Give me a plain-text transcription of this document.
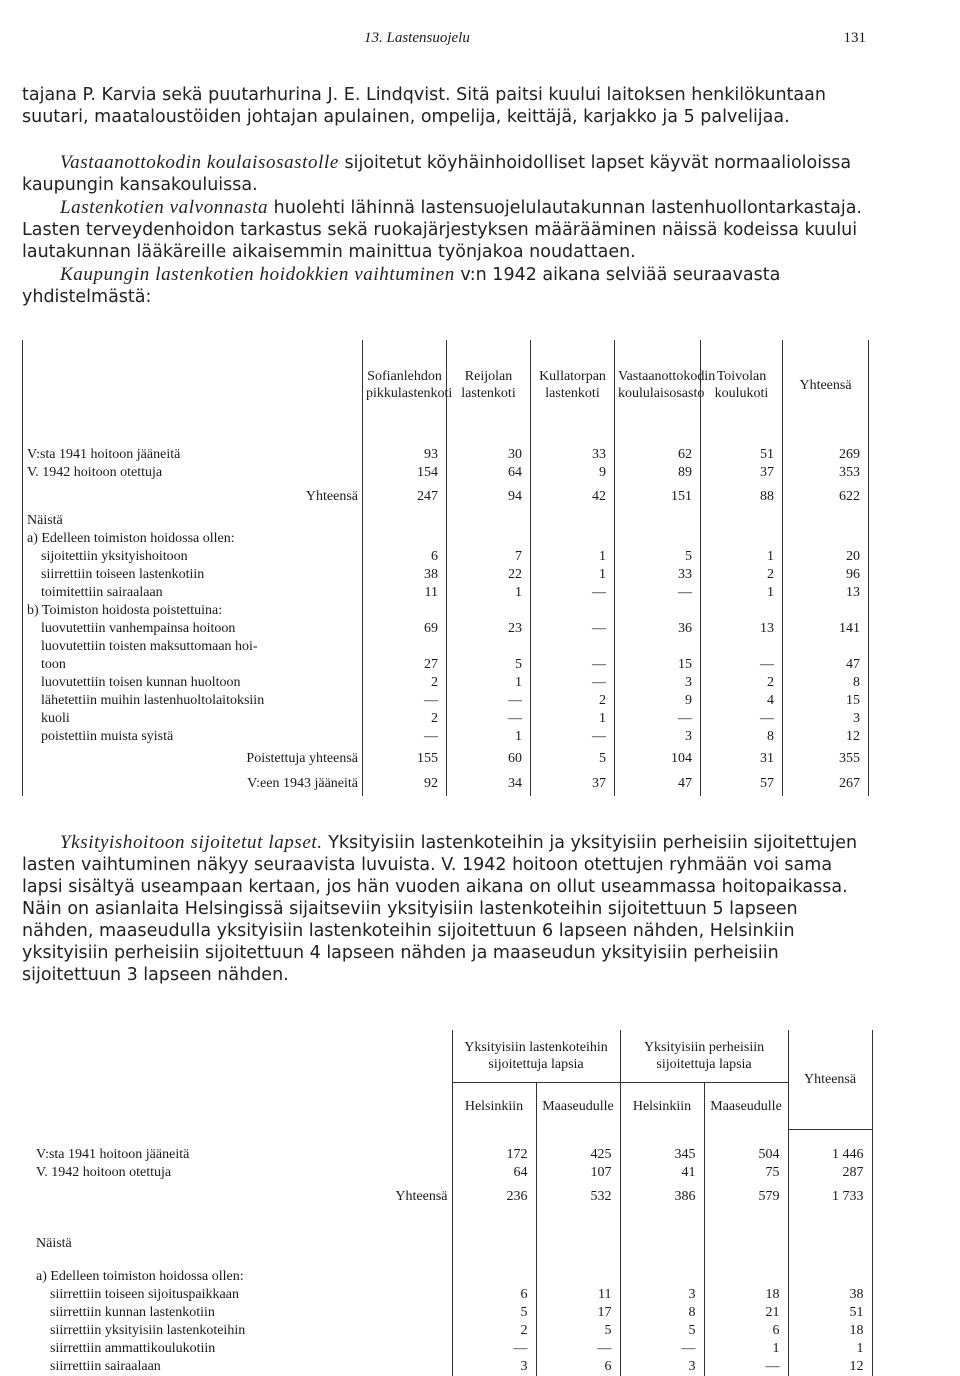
13. Lastensuojelu	131
tajana P. Karvia sekä puutarhurina J. E. Lindqvist. Sitä paitsi kuului laitoksen henkilökuntaan suutari, maataloustöiden johtajan apulainen, ompelija, keittäjä, karjakko ja 5 palvelijaa.
Vastaanottokodin koulaisosastolle sijoitetut köyhäinhoidolliset lapset käyvät normaalioloissa kaupungin kansakouluissa.
Lastenkotien valvonnasta huolehti lähinnä lastensuojelulautakunnan lastenhuollontarkastaja. Lasten terveydenhoidon tarkastus sekä ruokajärjestyksen määrääminen näissä kodeissa kuului lautakunnan lääkäreille aikaisemmin mainittua työnjakoa noudattaen.
Kaupungin lastenkotien hoidokkien vaihtuminen v:n 1942 aikana selviää seuraavasta yhdistelmästä:
	Sofianlehdon pikkulastenkoti	Reijolan lastenkoti	Kullatorpan lastenkoti	Vastaanottokodin koululaisosasto	Toivolan koulukoti	Yhteensä

V:sta 1941 hoitoon jääneitä	93	30	33	62	51	269
V. 1942 hoitoon otettuja	154	64	9	89	37	353
Yhteensä	247	94	42	151	88	622
Näistä						
a) Edelleen toimiston hoidossa ollen:						
sijoitettiin yksityishoitoon	6	7	1	5	1	20
siirrettiin toiseen lastenkotiin	38	22	1	33	2	96
toimitettiin sairaalaan	11	1	—	—	1	13
b) Toimiston hoidosta poistettuina:						
luovutettiin vanhempainsa hoitoon	69	23	—	36	13	141
luovutettiin toisten maksuttomaan hoi-						
toon	27	5	—	15	—	47
luovutettiin toisen kunnan huoltoon	2	1	—	3	2	8
lähetettiin muihin lastenhuoltolaitoksiin	—	—	2	9	4	15
kuoli	2	—	1	—	—	3
poistettiin muista syistä	—	1	—	3	8	12
Poistettuja yhteensä	155	60	5	104	31	355
V:een 1943 jääneitä	92	34	37	47	57	267
Yksityishoitoon sijoitetut lapset. Yksityisiin lastenkoteihin ja yksityisiin perheisiin sijoitettujen lasten vaihtuminen näkyy seuraavista luvuista. V. 1942 hoitoon otettujen ryhmään voi sama lapsi sisältyä useampaan kertaan, jos hän vuoden aikana on ollut useammassa hoitopaikassa. Näin on asianlaita Helsingissä sijaitseviin yksityisiin lastenkoteihin sijoitettuun 5 lapseen nähden, maaseudulla yksityisiin lastenkoteihin sijoitettuun 6 lapseen nähden, Helsinkiin yksityisiin perheisiin sijoitettuun 4 lapseen nähden ja maaseudun yksityisiin perheisiin sijoitettuun 3 lapseen nähden.
	Yksityisiin lastenkoteihin sijoitettuja lapsia		Yksityisiin perheisiin sijoitettuja lapsia		Yhteensä
	Helsinkiin	Maaseudulle	Helsinkiin	Maaseudulle	

V:sta 1941 hoitoon jääneitä	172	425	345	504	1 446
V. 1942 hoitoon otettuja	64	107	41	75	287
Yhteensä	236	532	386	579	1 733
Näistä					

a) Edelleen toimiston hoidossa ollen:					
siirrettiin toiseen sijoituspaikkaan	6	11	3	18	38
siirrettiin kunnan lastenkotiin	5	17	8	21	51
siirrettiin yksityisiin lastenkoteihin	2	5	5	6	18
siirrettiin ammattikoulukotiin	—	—	—	1	1
siirrettiin sairaalaan	3	6	3	—	12
